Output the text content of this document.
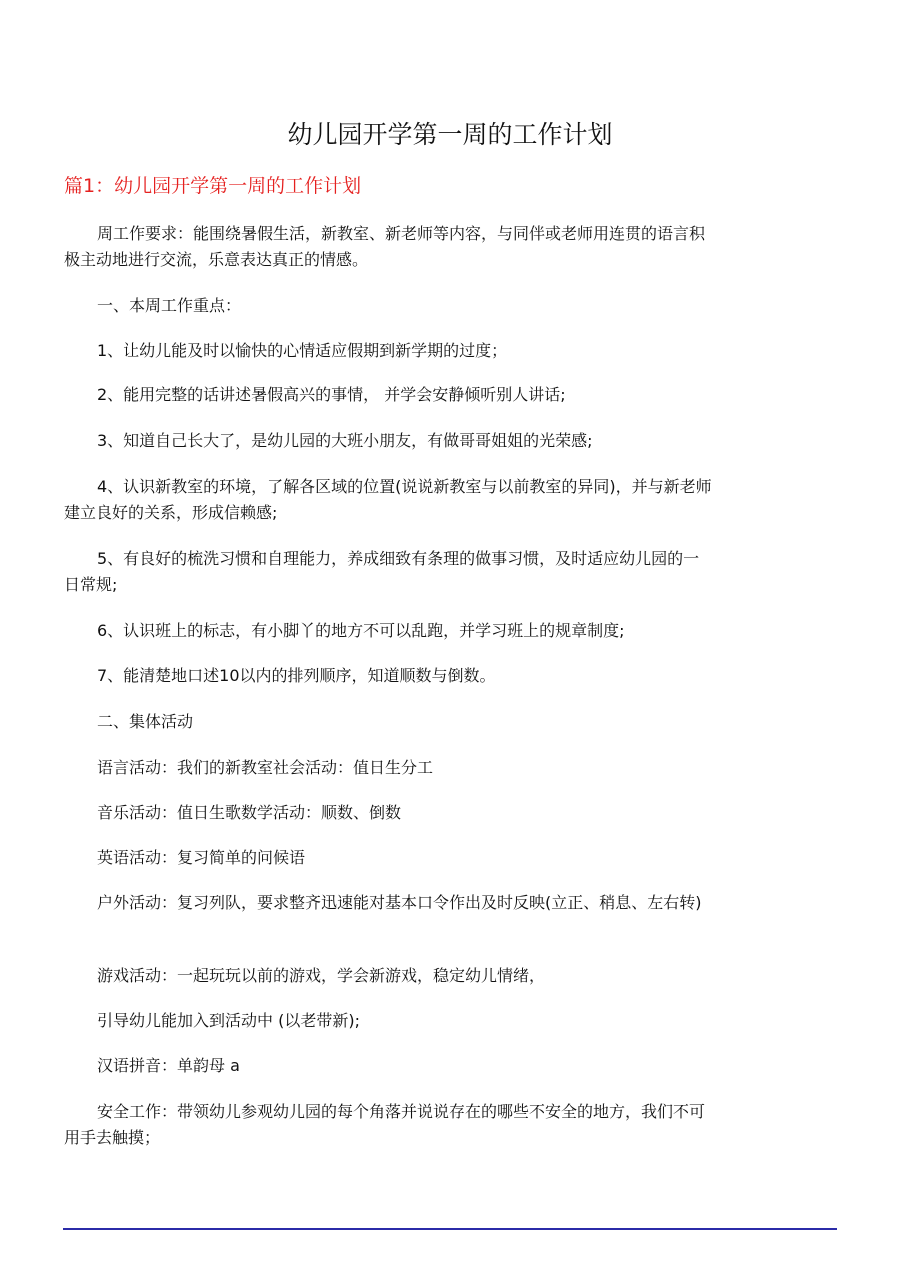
幼儿园开学第一周的工作计划
篇1：幼儿园开学第一周的工作计划

周工作要求：能围绕暑假生活，新教室、新老师等内容，与同伴或老师用连贯的语言积极主动地进行交流，乐意表达真正的情感。

一、本周工作重点：

1、让幼儿能及时以愉快的心情适应假期到新学期的过度；

2、能用完整的话讲述暑假高兴的事情， 并学会安静倾听别人讲话;

3、知道自己长大了，是幼儿园的大班小朋友，有做哥哥姐姐的光荣感;

4、认识新教室的环境，了解各区域的位置(说说新教室与以前教室的异同)，并与新老师建立良好的关系，形成信赖感;

5、有良好的梳洗习惯和自理能力，养成细致有条理的做事习惯，及时适应幼儿园的一日常规;

6、认识班上的标志，有小脚丫的地方不可以乱跑，并学习班上的规章制度;

7、能清楚地口述10以内的排列顺序，知道顺数与倒数。

二、集体活动

语言活动：我们的新教室社会活动：值日生分工

音乐活动：值日生歌数学活动：顺数、倒数

英语活动：复习简单的问候语

户外活动：复习列队，要求整齐迅速能对基本口令作出及时反映(立正、稍息、左右转)

游戏活动：一起玩玩以前的游戏，学会新游戏，稳定幼儿情绪，

引导幼儿能加入到活动中 (以老带新);

汉语拼音：单韵母 a

安全工作：带领幼儿参观幼儿园的每个角落并说说存在的哪些不安全的地方，我们不可用手去触摸；
